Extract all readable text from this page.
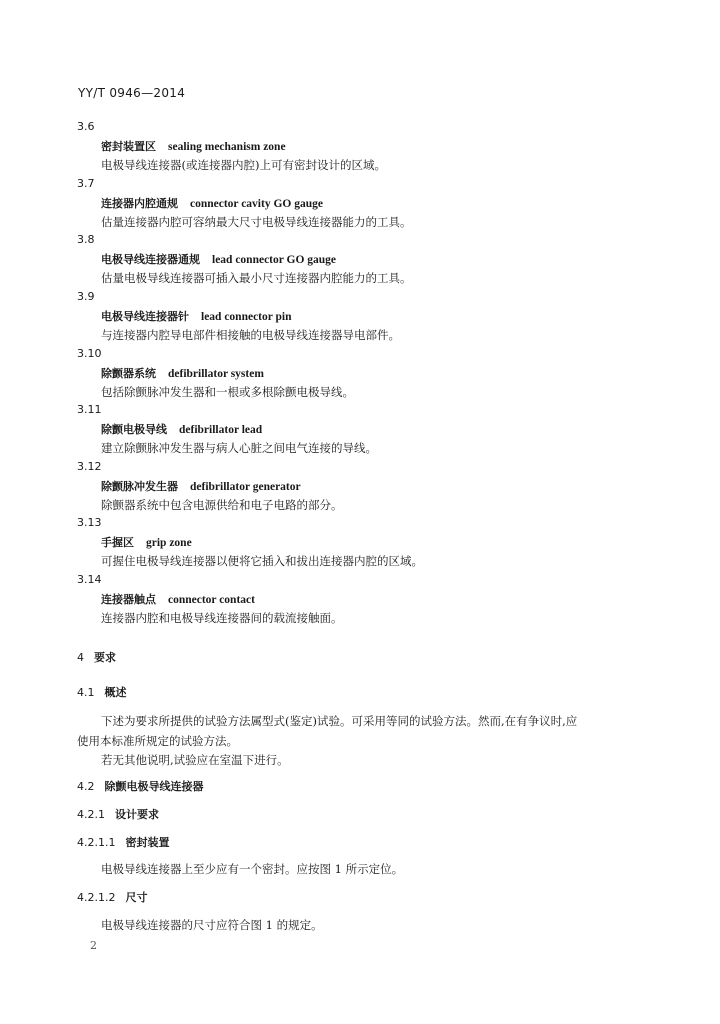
YY/T 0946—2014
3.6
密封装置区 sealing mechanism zone
电极导线连接器(或连接器内腔)上可有密封设计的区域。
3.7
连接器内腔通规 connector cavity GO gauge
估量连接器内腔可容纳最大尺寸电极导线连接器能力的工具。
3.8
电极导线连接器通规 lead connector GO gauge
估量电极导线连接器可插入最小尺寸连接器内腔能力的工具。
3.9
电极导线连接器针 lead connector pin
与连接器内腔导电部件相接触的电极导线连接器导电部件。
3.10
除颤器系统 defibrillator system
包括除颤脉冲发生器和一根或多根除颤电极导线。
3.11
除颤电极导线 defibrillator lead
建立除颤脉冲发生器与病人心脏之间电气连接的导线。
3.12
除颤脉冲发生器 defibrillator generator
除颤器系统中包含电源供给和电子电路的部分。
3.13
手握区 grip zone
可握住电极导线连接器以便将它插入和拔出连接器内腔的区域。
3.14
连接器触点 connector contact
连接器内腔和电极导线连接器间的载流接触面。
4 要求
4.1 概述
下述为要求所提供的试验方法属型式(鉴定)试验。可采用等同的试验方法。然而,在有争议时,应
使用本标准所规定的试验方法。
若无其他说明,试验应在室温下进行。
4.2 除颤电极导线连接器
4.2.1 设计要求
4.2.1.1 密封装置
电极导线连接器上至少应有一个密封。应按图 1 所示定位。
4.2.1.2 尺寸
电极导线连接器的尺寸应符合图 1 的规定。
2
